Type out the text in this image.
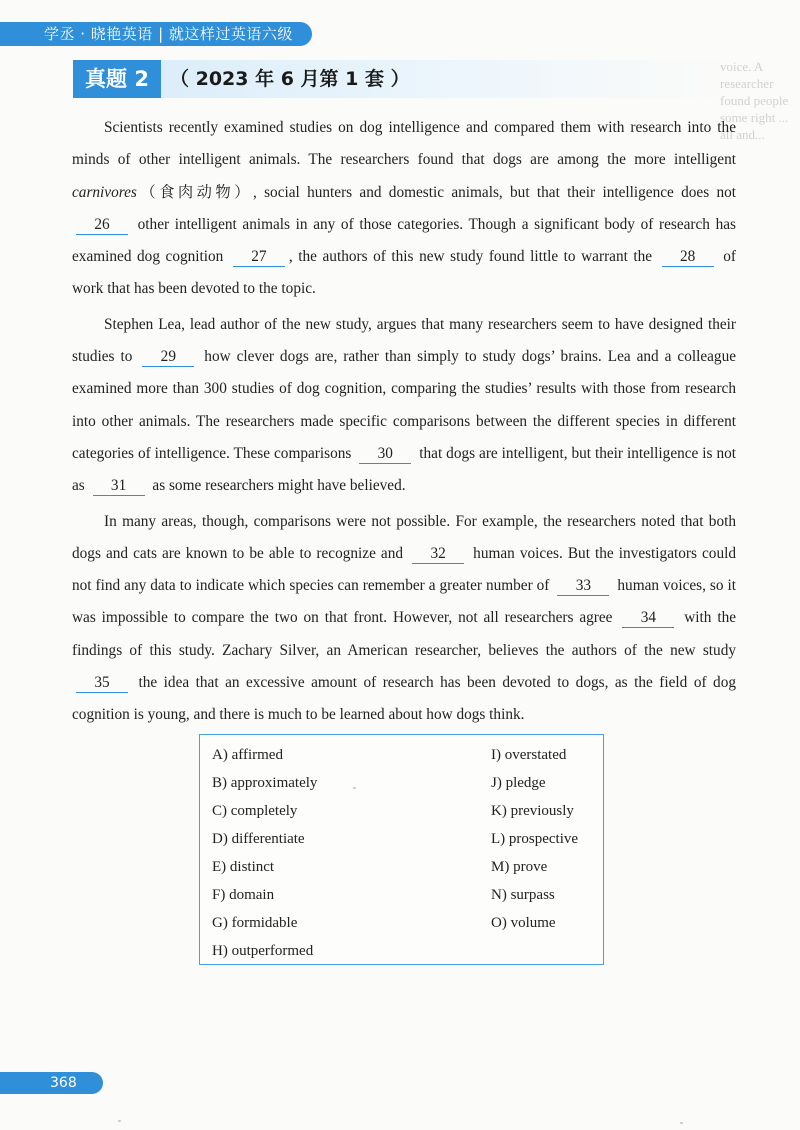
学丞 · 晓艳英语 | 就这样过英语六级
真题 2	（ 2023 年 6 月第 1 套 ）
voice. A researcher found people some right ... all and...

Scientists recently examined studies on dog intelligence and compared them with research into the minds of other intelligent animals. The researchers found that dogs are among the more intelligent carnivores（食肉动物）, social hunters and domestic animals, but that their intelligence does not 26 other intelligent animals in any of those categories. Though a significant body of research has examined dog cognition 27 , the authors of this new study found little to warrant the 28 of work that has been devoted to the topic.

Stephen Lea, lead author of the new study, argues that many researchers seem to have designed their studies to 29 how clever dogs are, rather than simply to study dogs’ brains. Lea and a colleague examined more than 300 studies of dog cognition, comparing the studies’ results with those from research into other animals. The researchers made specific comparisons between the different species in different categories of intelligence. These comparisons 30 that dogs are intelligent, but their intelligence is not as 31 as some researchers might have believed.

In many areas, though, comparisons were not possible. For example, the researchers noted that both dogs and cats are known to be able to recognize and 32 human voices. But the investigators could not find any data to indicate which species can remember a greater number of 33 human voices, so it was impossible to compare the two on that front. However, not all researchers agree 34 with the findings of this study. Zachary Silver, an American researcher, believes the authors of the new study 35 the idea that an excessive amount of research has been devoted to dogs, as the field of dog cognition is young, and there is much to be learned about how dogs think.

A) affirmed
B) approximately
C) completely
D) differentiate
E) distinct
F) domain
G) formidable
H) outperformed
I) overstated
J) pledge
K) previously
L) prospective
M) prove
N) surpass
O) volume
368
